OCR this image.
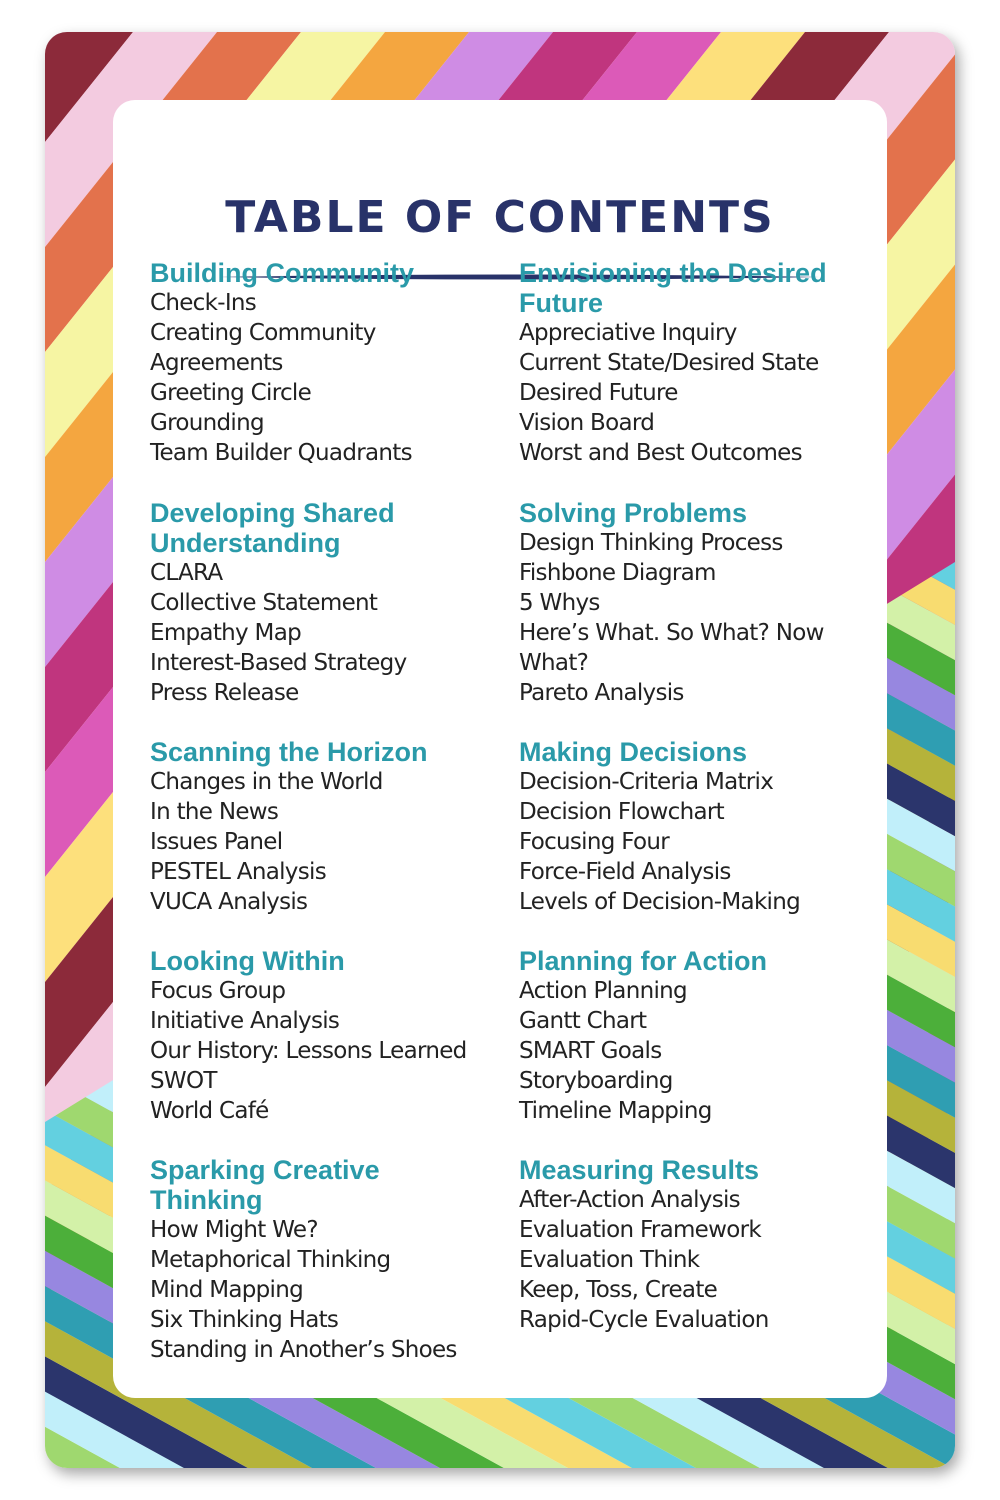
TABLE OF CONTENTS
Building Community
Check-Ins
Creating Community Agreements
Greeting Circle
Grounding
Team Builder Quadrants
Developing Shared Understanding
CLARA
Collective Statement
Empathy Map
Interest-Based Strategy
Press Release
Scanning the Horizon
Changes in the World
In the News
Issues Panel
PESTEL Analysis
VUCA Analysis
Looking Within
Focus Group
Initiative Analysis
Our History: Lessons Learned
SWOT
World Café
Sparking Creative Thinking
How Might We?
Metaphorical Thinking
Mind Mapping
Six Thinking Hats
Standing in Another’s Shoes
Envisioning the Desired Future
Appreciative Inquiry
Current State/Desired State
Desired Future
Vision Board
Worst and Best Outcomes
Solving Problems
Design Thinking Process
Fishbone Diagram
5 Whys
Here’s What. So What? Now What?
Pareto Analysis
Making Decisions
Decision-Criteria Matrix
Decision Flowchart
Focusing Four
Force-Field Analysis
Levels of Decision-Making
Planning for Action
Action Planning
Gantt Chart
SMART Goals
Storyboarding
Timeline Mapping
Measuring Results
After-Action Analysis
Evaluation Framework
Evaluation Think
Keep, Toss, Create
Rapid-Cycle Evaluation
